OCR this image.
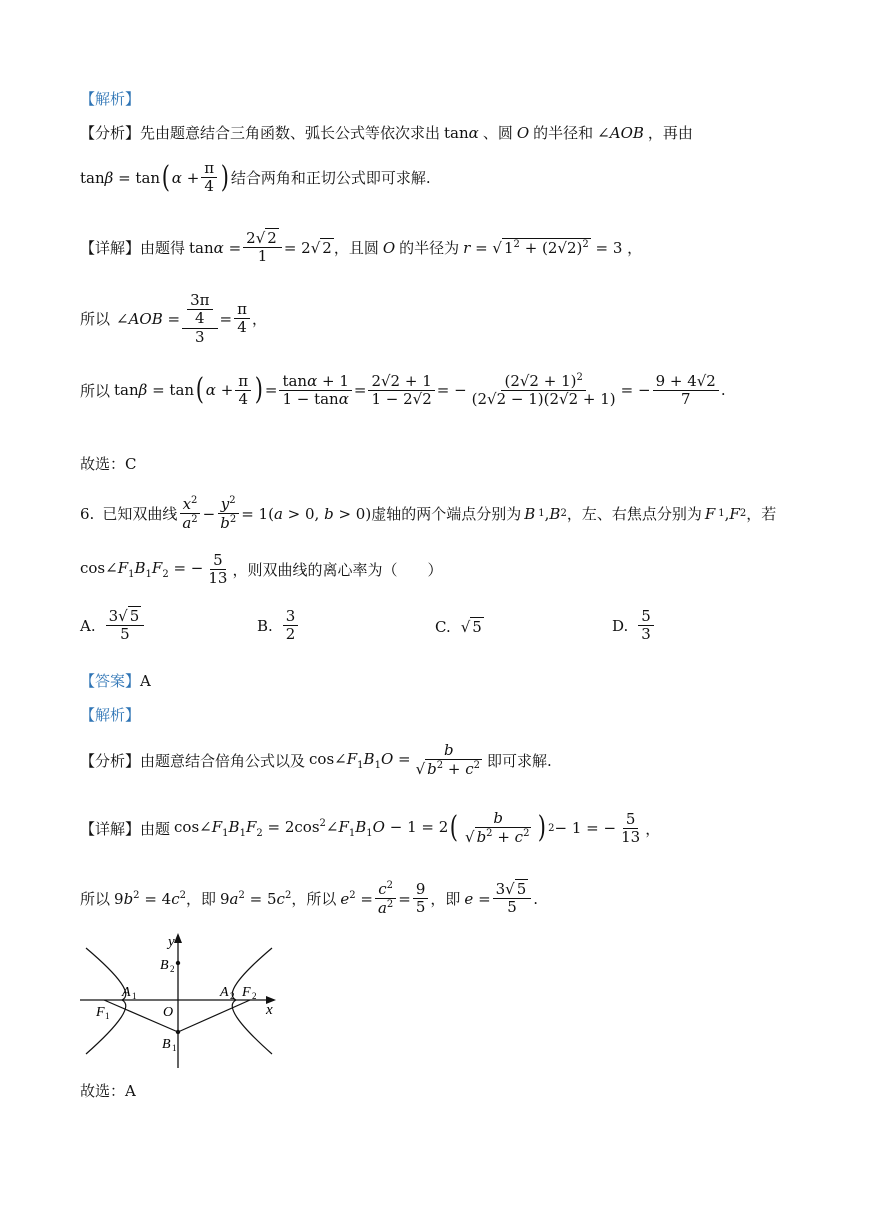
【解析】
【分析】 先由题意结合三角函数、弧长公式等依次求出 tanα 、圆 O 的半径和 ∠AOB ，再由
tanβ = tan ( $\alpha + \frac{\pi}{4}$ ) 结合两角和正切公式即可求解.
【详解】 由题得 $\tan\alpha = \frac{2√ 2}{1} = 2√$ 2 ，且圆 O 的半径为 r = √ $1^2 + (2√2)^2 = 3$ ，
所以 ∠AOB = $\frac{\frac{3\pi}{4}}{3} = \frac{\pi}{4}$ ，
所以 tanβ = tan ( $\alpha + \frac{\pi}{4}$ ) = $\frac{\tan\alpha + 1}{1 - \tan\alpha} = \frac{2√2 + 1}{1 - 2√2}$ = − $\frac{(2√2 + 1)^2}{(2√2 - 1)(2√2 + 1)}$ = − $\frac{9 + 4√2}{7}$ .
故选：C
6. 已知双曲线 $\frac{x^2}{a^2} - \frac{y^2}{b^2} = 1(a > 0$, b > 0) 虚轴的两个端点分别为 B 1 , B 2 ，左、右焦点分别为 F 1 , F 2 ，若
$\cos\angle F_1B_1F_2$ = − $\frac{5}{13}$ ，则双曲线的离心率为（　　）
A. $\frac{3√ 5}{5}$	B. $\frac{3}{2}$	C. √ 5	D. $\frac{5}{3}$
【答案】 A
【解析】
【分析】 由题意结合倍角公式以及 $\cos\angle F_1B_1O = \frac{b}{√ b^2 + c^2}$ 即可求解.
【详解】 由题 $\cos\angle F_1B_1F_2$ = $2\cos^2\angle F_1B_1O - 1 = 2$ ( $\frac{b}{√ b^2 + c^2}$ ) 2 − 1 = − $\frac{5}{13}$ ，
所以 $9b^2 = 4c^2$ ，即 $9a^2 = 5c^2$ ，所以 $e^2 = \frac{c^2}{a^2} = \frac{9}{5}$ ，即 $e = \frac{3√ 5}{5}$ .
y
x
B 2
B 1
A 1	A 2
F 1
F 2
O
故选：A
